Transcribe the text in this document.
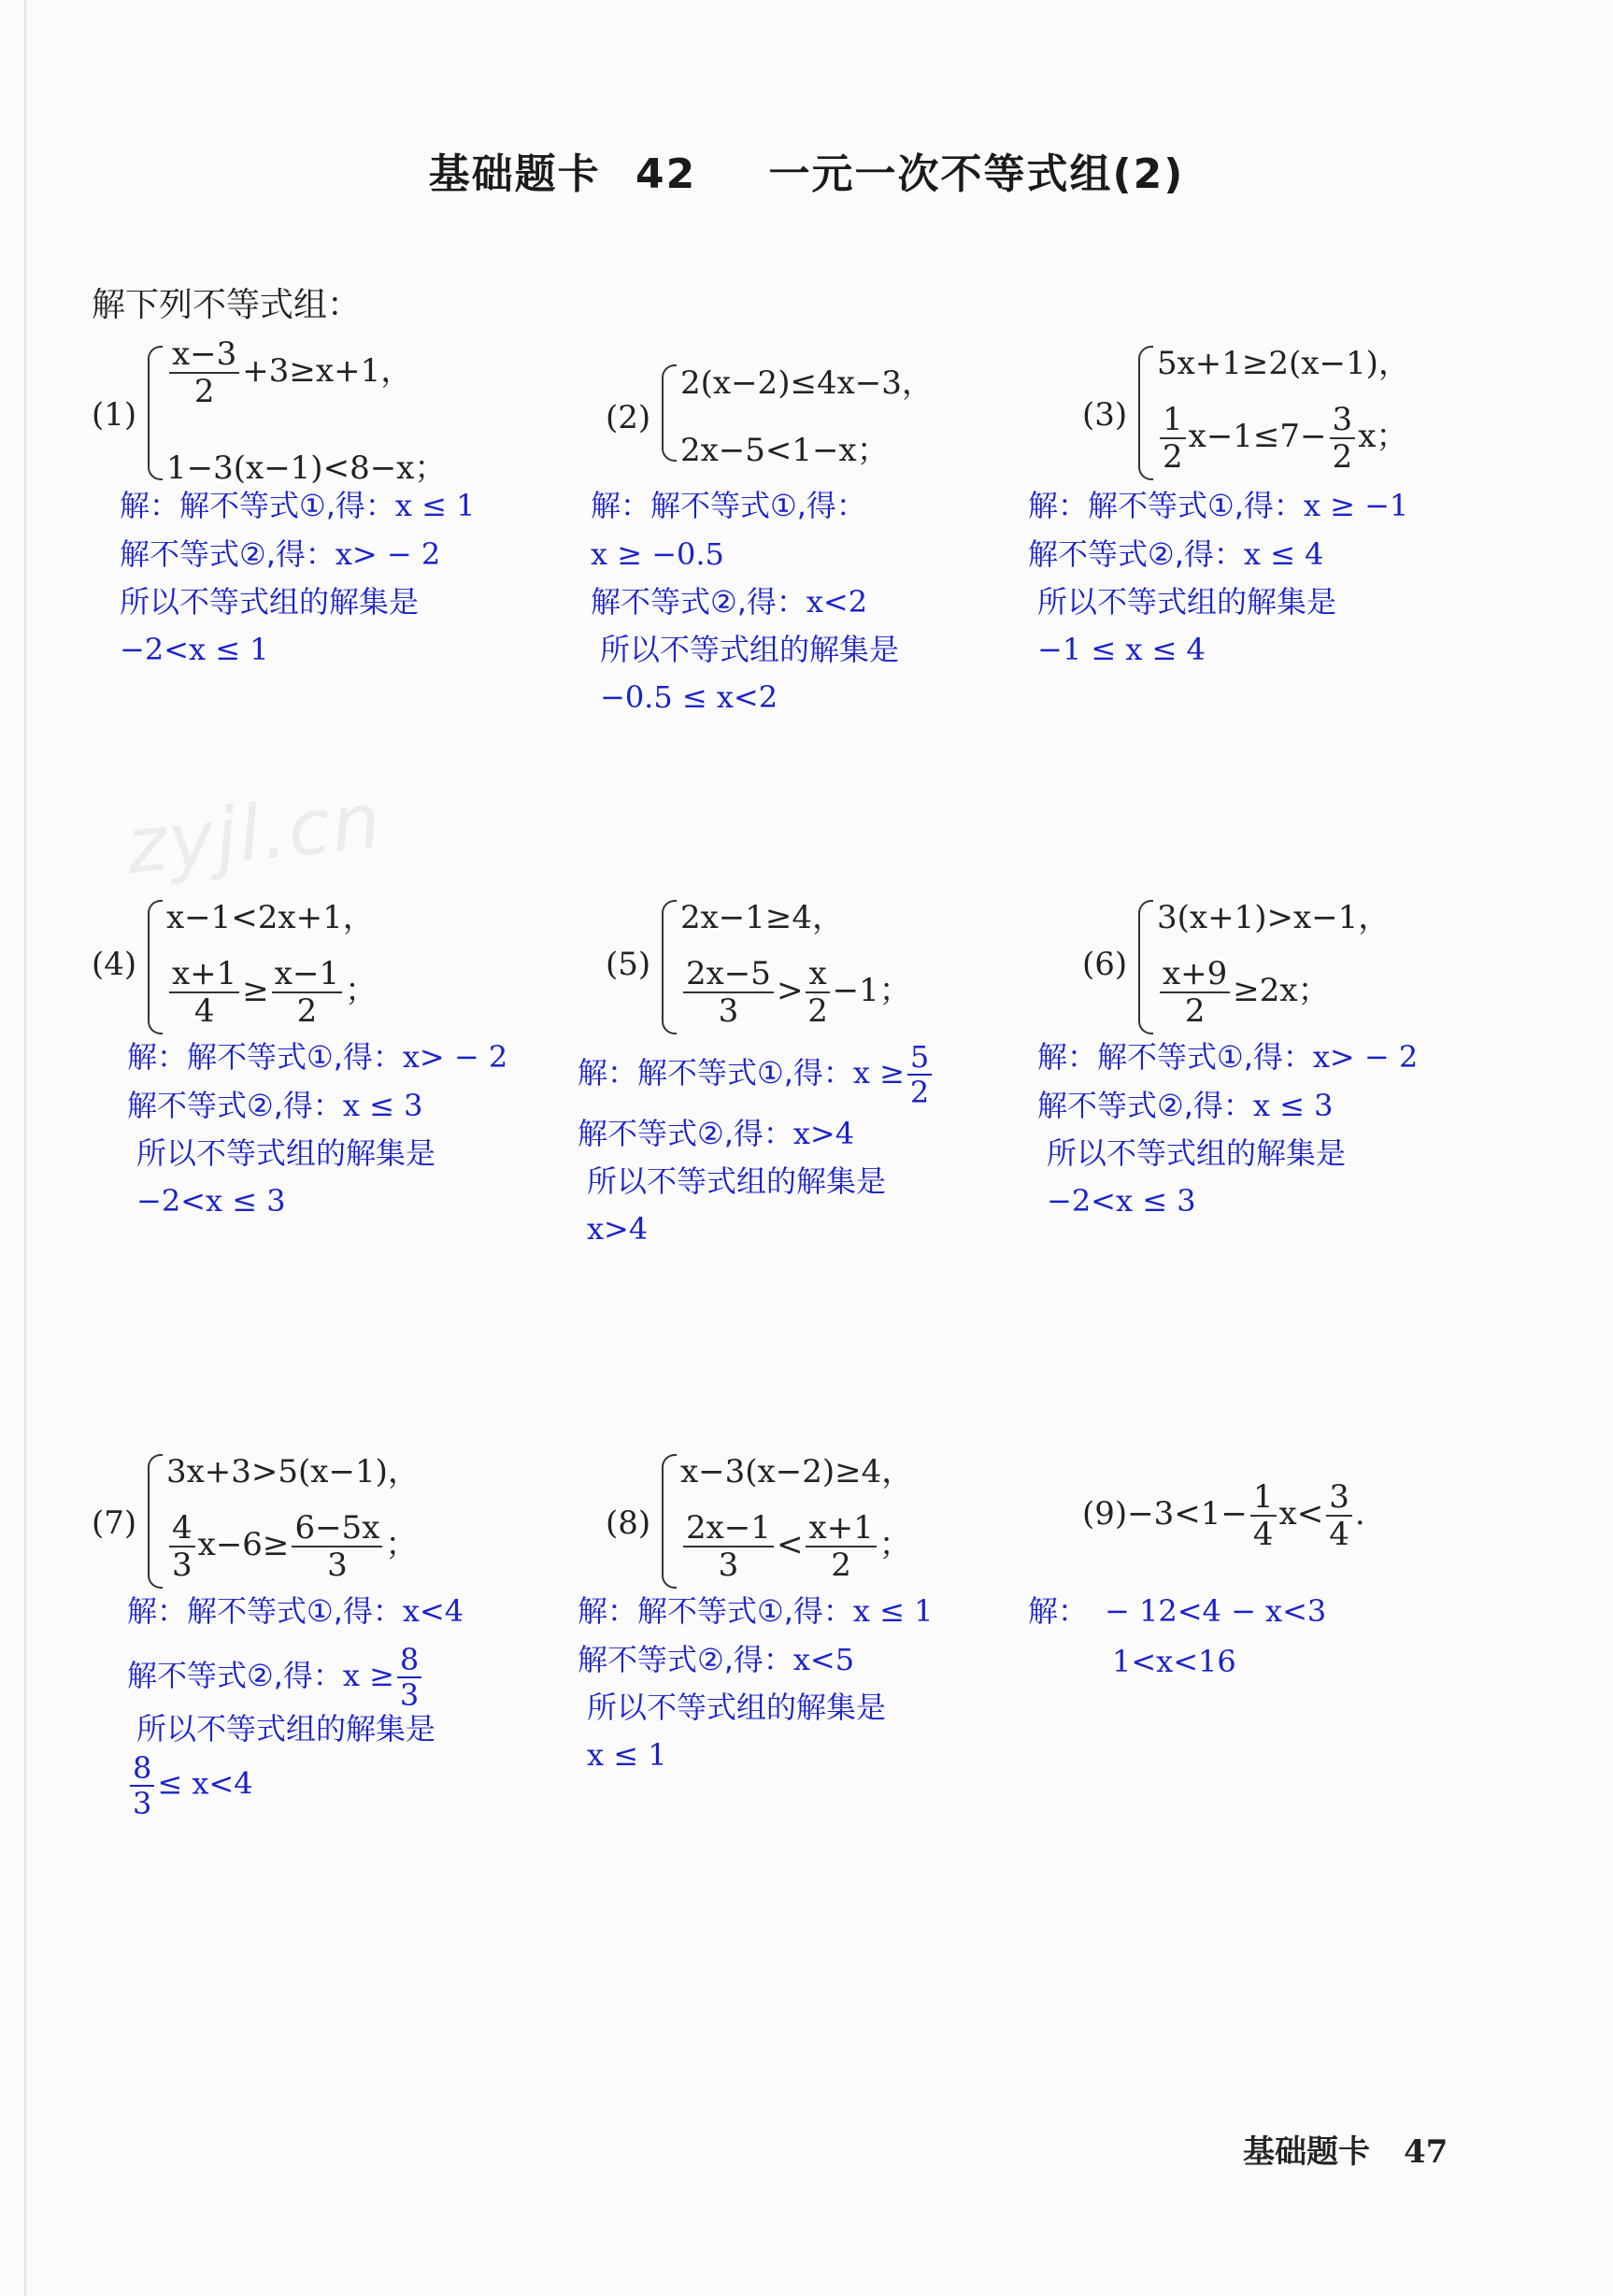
基础题卡 42 一元一次不等式组(2)
解下列不等式组：
zyjl.cn
(1)
$\frac{x-3}{2} +3\ge x+1$，
1−3(x−1)<8−x；
解：解不等式①,得：x ≤ 1
解不等式②,得：x> − 2
所以不等式组的解集是
−2<x ≤ 1
(2)
2(x−2)≤4x−3，
2x−5<1−x；
解：解不等式①,得：
x ≥ −0.5
解不等式②,得：x<2
所以不等式组的解集是
−0.5 ≤ x<2
(3)
5x+1≥2(x−1)，
$\frac{1}{2} x-1\le 7- \frac{3}{2}$ x；
解：解不等式①,得：x ≥ −1
解不等式②,得：x ≤ 4
所以不等式组的解集是
−1 ≤ x ≤ 4
(4)
x−1<2x+1，
$\frac{x+1}{4} \ge \frac{x-1}{2}$ ；
解：解不等式①,得：x> − 2
解不等式②,得：x ≤ 3
所以不等式组的解集是
−2<x ≤ 3
(5)
2x−1≥4，
$\frac{2x-5}{3} > \frac{x}{2} -1$；
解：解不等式①,得：$x \ge \frac{5}{2}$
解不等式②,得：x>4
所以不等式组的解集是
x>4
(6)
3(x+1)>x−1，
$\frac{x+9}{2} \ge 2x$；
解：解不等式①,得：x> − 2
解不等式②,得：x ≤ 3
所以不等式组的解集是
−2<x ≤ 3
(7)
3x+3>5(x−1)，
$\frac{4}{3} x-6\ge \frac{6-5x}{3}$ ；
解：解不等式①,得：x<4
解不等式②,得：$x \ge \frac{8}{3}$
所以不等式组的解集是
$\frac{8}{3} \le x<4$
(8)
x−3(x−2)≥4，
$\frac{2x-1}{3} < \frac{x+1}{2}$ ；
解：解不等式①,得：x ≤ 1
解不等式②,得：x<5
所以不等式组的解集是
x ≤ 1
$(9)-3<1- \frac{1}{4} x< \frac{3}{4}$ .
解： − 12<4 − x<3
1<x<16
基础题卡 47
